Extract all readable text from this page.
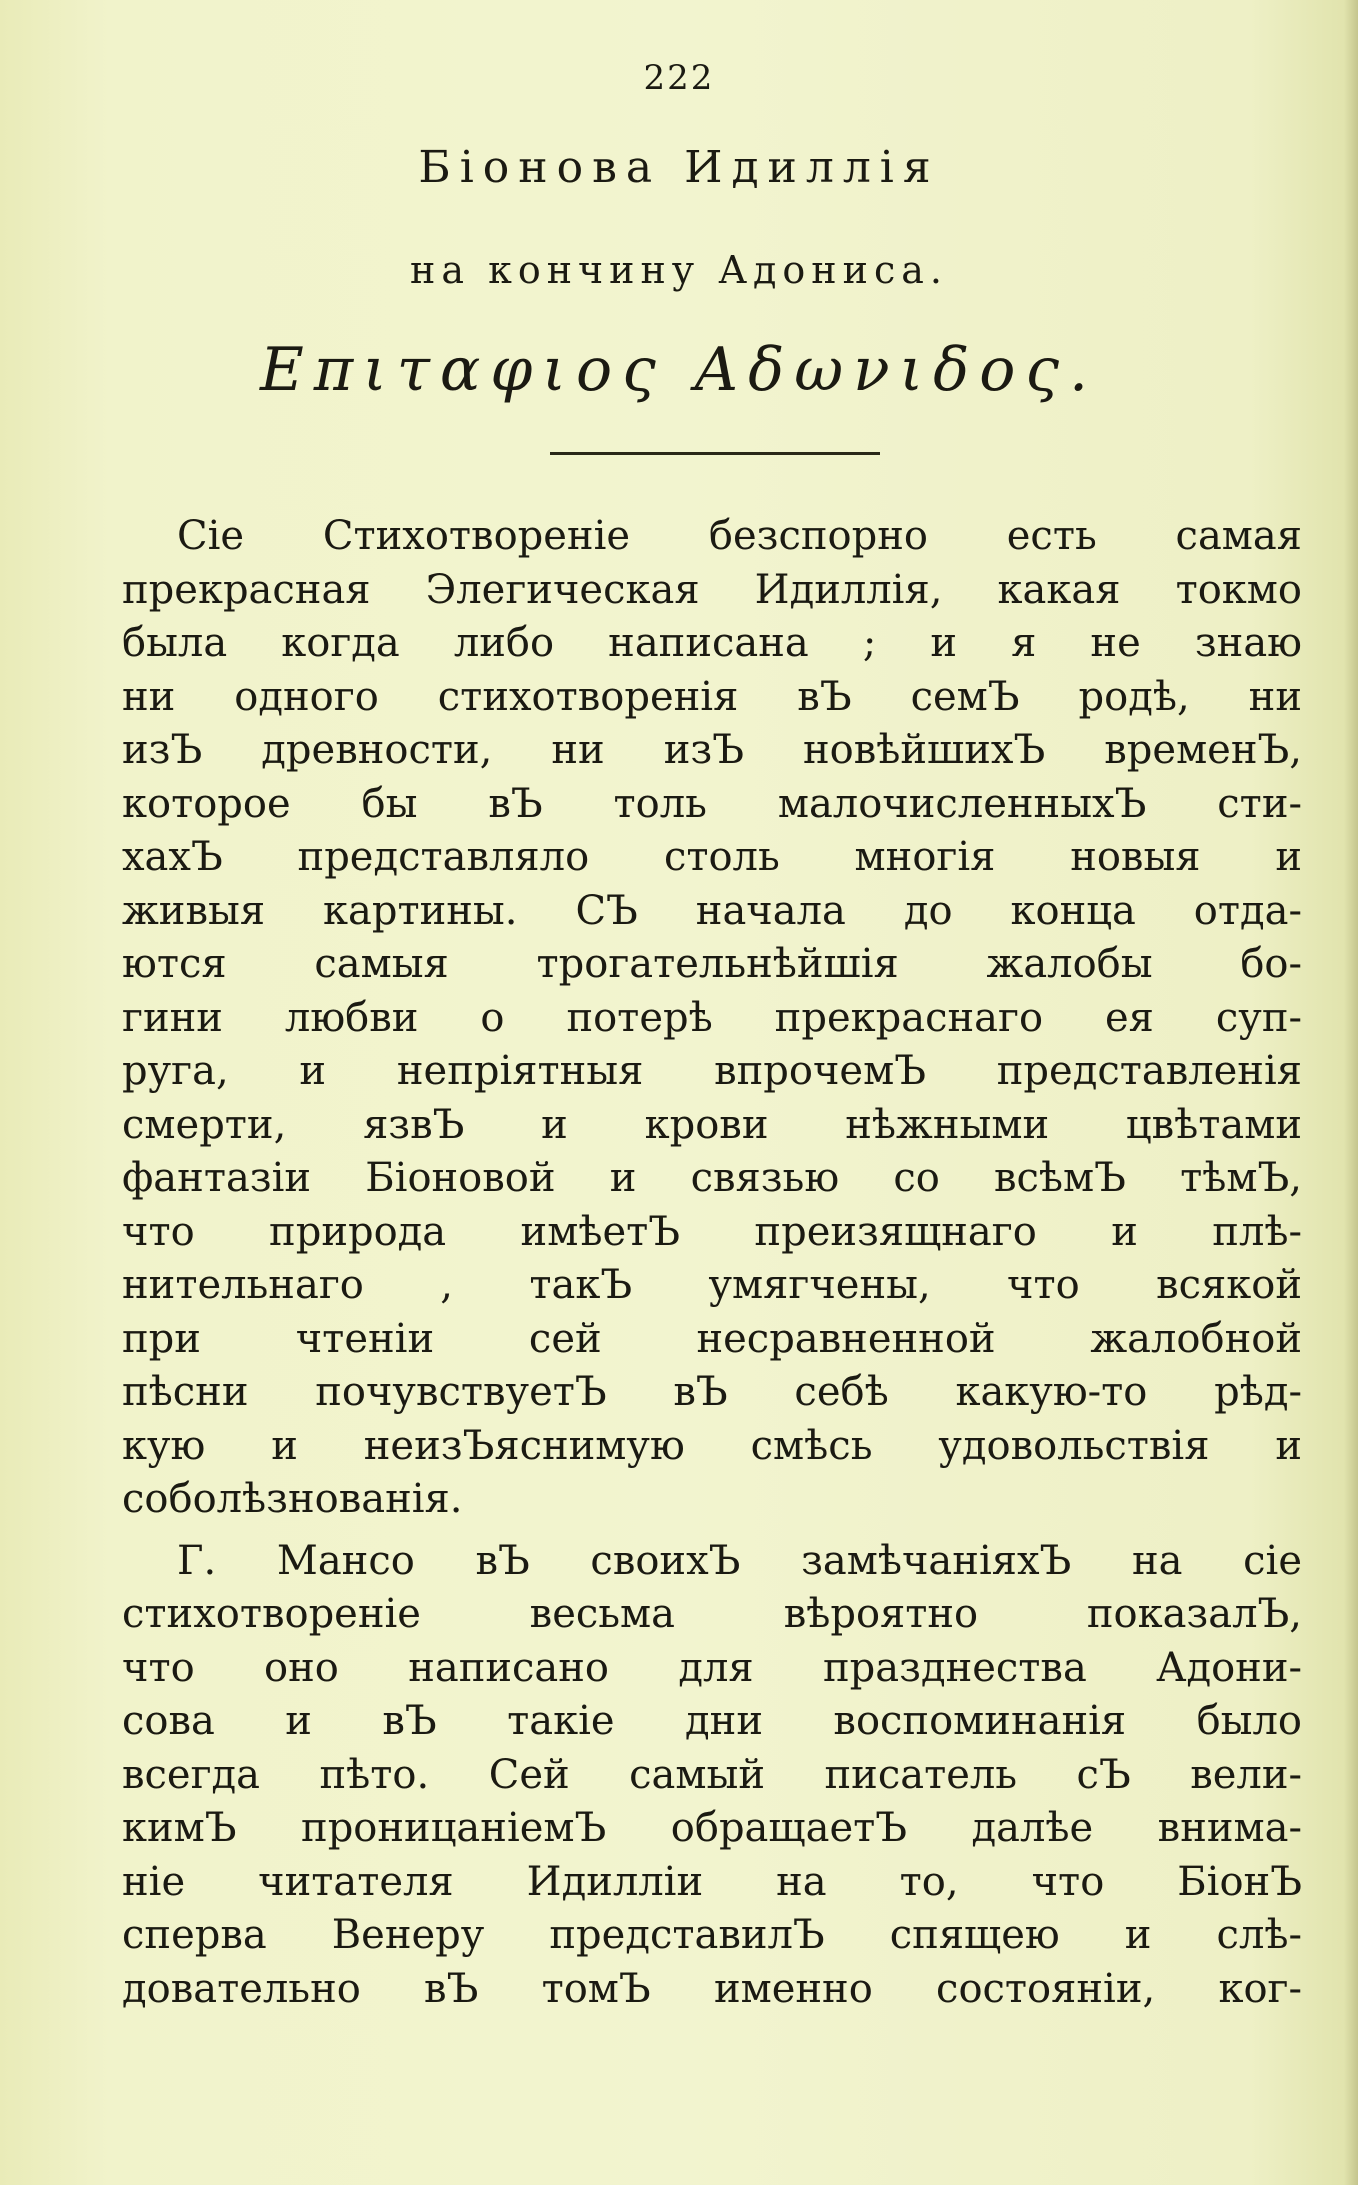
222
Біонова Идиллія
на кончину Адониса.
Επιταφιος Αδωνιδος.
Сіе Стихотвореніе безспорно есть самая
прекрасная Элегическая Идиллія, какая токмо
была когда либо написана ; и я не знаю
ни одного стихотворенія вЪ семЪ родѣ, ни
изЪ древности, ни изЪ новѣйшихЪ временЪ,
которое бы вЪ толь малочисленныхЪ сти-
хахЪ представляло столь многія новыя и
живыя картины. СЪ начала до конца отда-
ются самыя трогательнѣйшія жалобы бо-
гини любви о потерѣ прекраснаго ея суп-
руга, и непріятныя впрочемЪ представленія
смерти, язвЪ и крови нѣжными цвѣтами
фантазіи Біоновой и связью со всѣмЪ тѣмЪ,
что природа имѣетЪ преизящнаго и плѣ-
нительнаго , такЪ умягчены, что всякой
при чтеніи сей несравненной жалобной
пѣсни почувствуетЪ вЪ себѣ какую-то рѣд-
кую и неизЪяснимую смѣсь удовольствія и
соболѣзнованія.
Г. Мансо вЪ своихЪ замѣчаніяхЪ на сіе
стихотвореніе весьма вѣроятно показалЪ,
что оно написано для празднества Адони-
сова и вЪ такіе дни воспоминанія было
всегда пѣто. Сей самый писатель сЪ вели-
кимЪ проницаніемЪ обращаетЪ далѣе внима-
ніе читателя Идилліи на то, что БіонЪ
сперва Венеру представилЪ спящею и слѣ-
довательно вЪ томЪ именно состояніи, ког-
